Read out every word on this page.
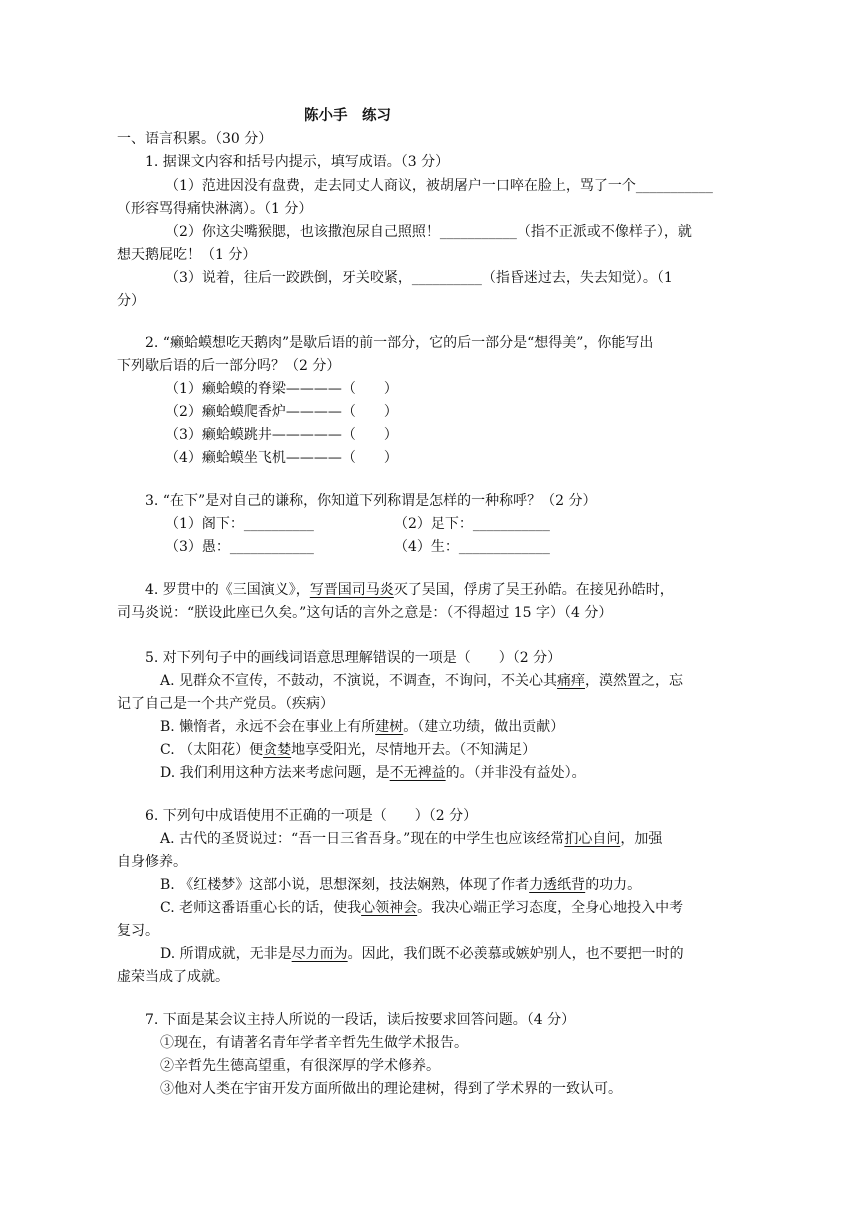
陈小手　练习
一、语言积累。（30 分）
1. 据课文内容和括号内提示，填写成语。（3 分）
（1）范进因没有盘费，走去同丈人商议，被胡屠户一口啐在脸上，骂了一个___________
（形容骂得痛快淋漓）。（1 分）
（2）你这尖嘴猴腮，也该撒泡尿自己照照！___________（指不正派或不像样子），就
想天鹅屁吃！（1 分）
（3）说着，往后一跤跌倒，牙关咬紧，__________（指昏迷过去，失去知觉）。（1
分）
2. “癞蛤蟆想吃天鹅肉”是歇后语的前一部分，它的后一部分是“想得美”，你能写出
下列歇后语的后一部分吗？（2 分）
（1）癞蛤蟆的脊梁————（　　）
（2）癞蛤蟆爬香炉————（　　）
（3）癞蛤蟆跳井—————（　　）
（4）癞蛤蟆坐飞机————（　　）
3. “在下”是对自己的谦称，你知道下列称谓是怎样的一种称呼？（2 分）
（1）阁下：__________	（2）足下：___________
（3）愚：____________	（4）生：_____________
4. 罗贯中的《三国演义》，写晋国司马炎灭了吴国，俘虏了吴王孙皓。在接见孙皓时，
司马炎说：“朕设此座已久矣。”这句话的言外之意是：（不得超过 15 字）（4 分）
5. 对下列句子中的画线词语意思理解错误的一项是（　　）（2 分）
A. 见群众不宣传，不鼓动，不演说，不调查，不询问，不关心其痛痒，漠然置之，忘
记了自己是一个共产党员。（疾病）
B. 懒惰者，永远不会在事业上有所建树。（建立功绩，做出贡献）
C. （太阳花）便贪婪地享受阳光，尽情地开去。（不知满足）
D. 我们利用这种方法来考虑问题，是不无裨益的。（并非没有益处）。
6. 下列句中成语使用不正确的一项是（　　）（2 分）
A. 古代的圣贤说过：“吾一日三省吾身。”现在的中学生也应该经常扪心自问，加强
自身修养。
B. 《红楼梦》这部小说，思想深刻，技法娴熟，体现了作者力透纸背的功力。
C. 老师这番语重心长的话，使我心领神会。我决心端正学习态度，全身心地投入中考
复习。
D. 所谓成就，无非是尽力而为。因此，我们既不必羡慕或嫉妒别人，也不要把一时的
虚荣当成了成就。
7. 下面是某会议主持人所说的一段话，读后按要求回答问题。（4 分）
①现在，有请著名青年学者辛哲先生做学术报告。
②辛哲先生德高望重，有很深厚的学术修养。
③他对人类在宇宙开发方面所做出的理论建树，得到了学术界的一致认可。
